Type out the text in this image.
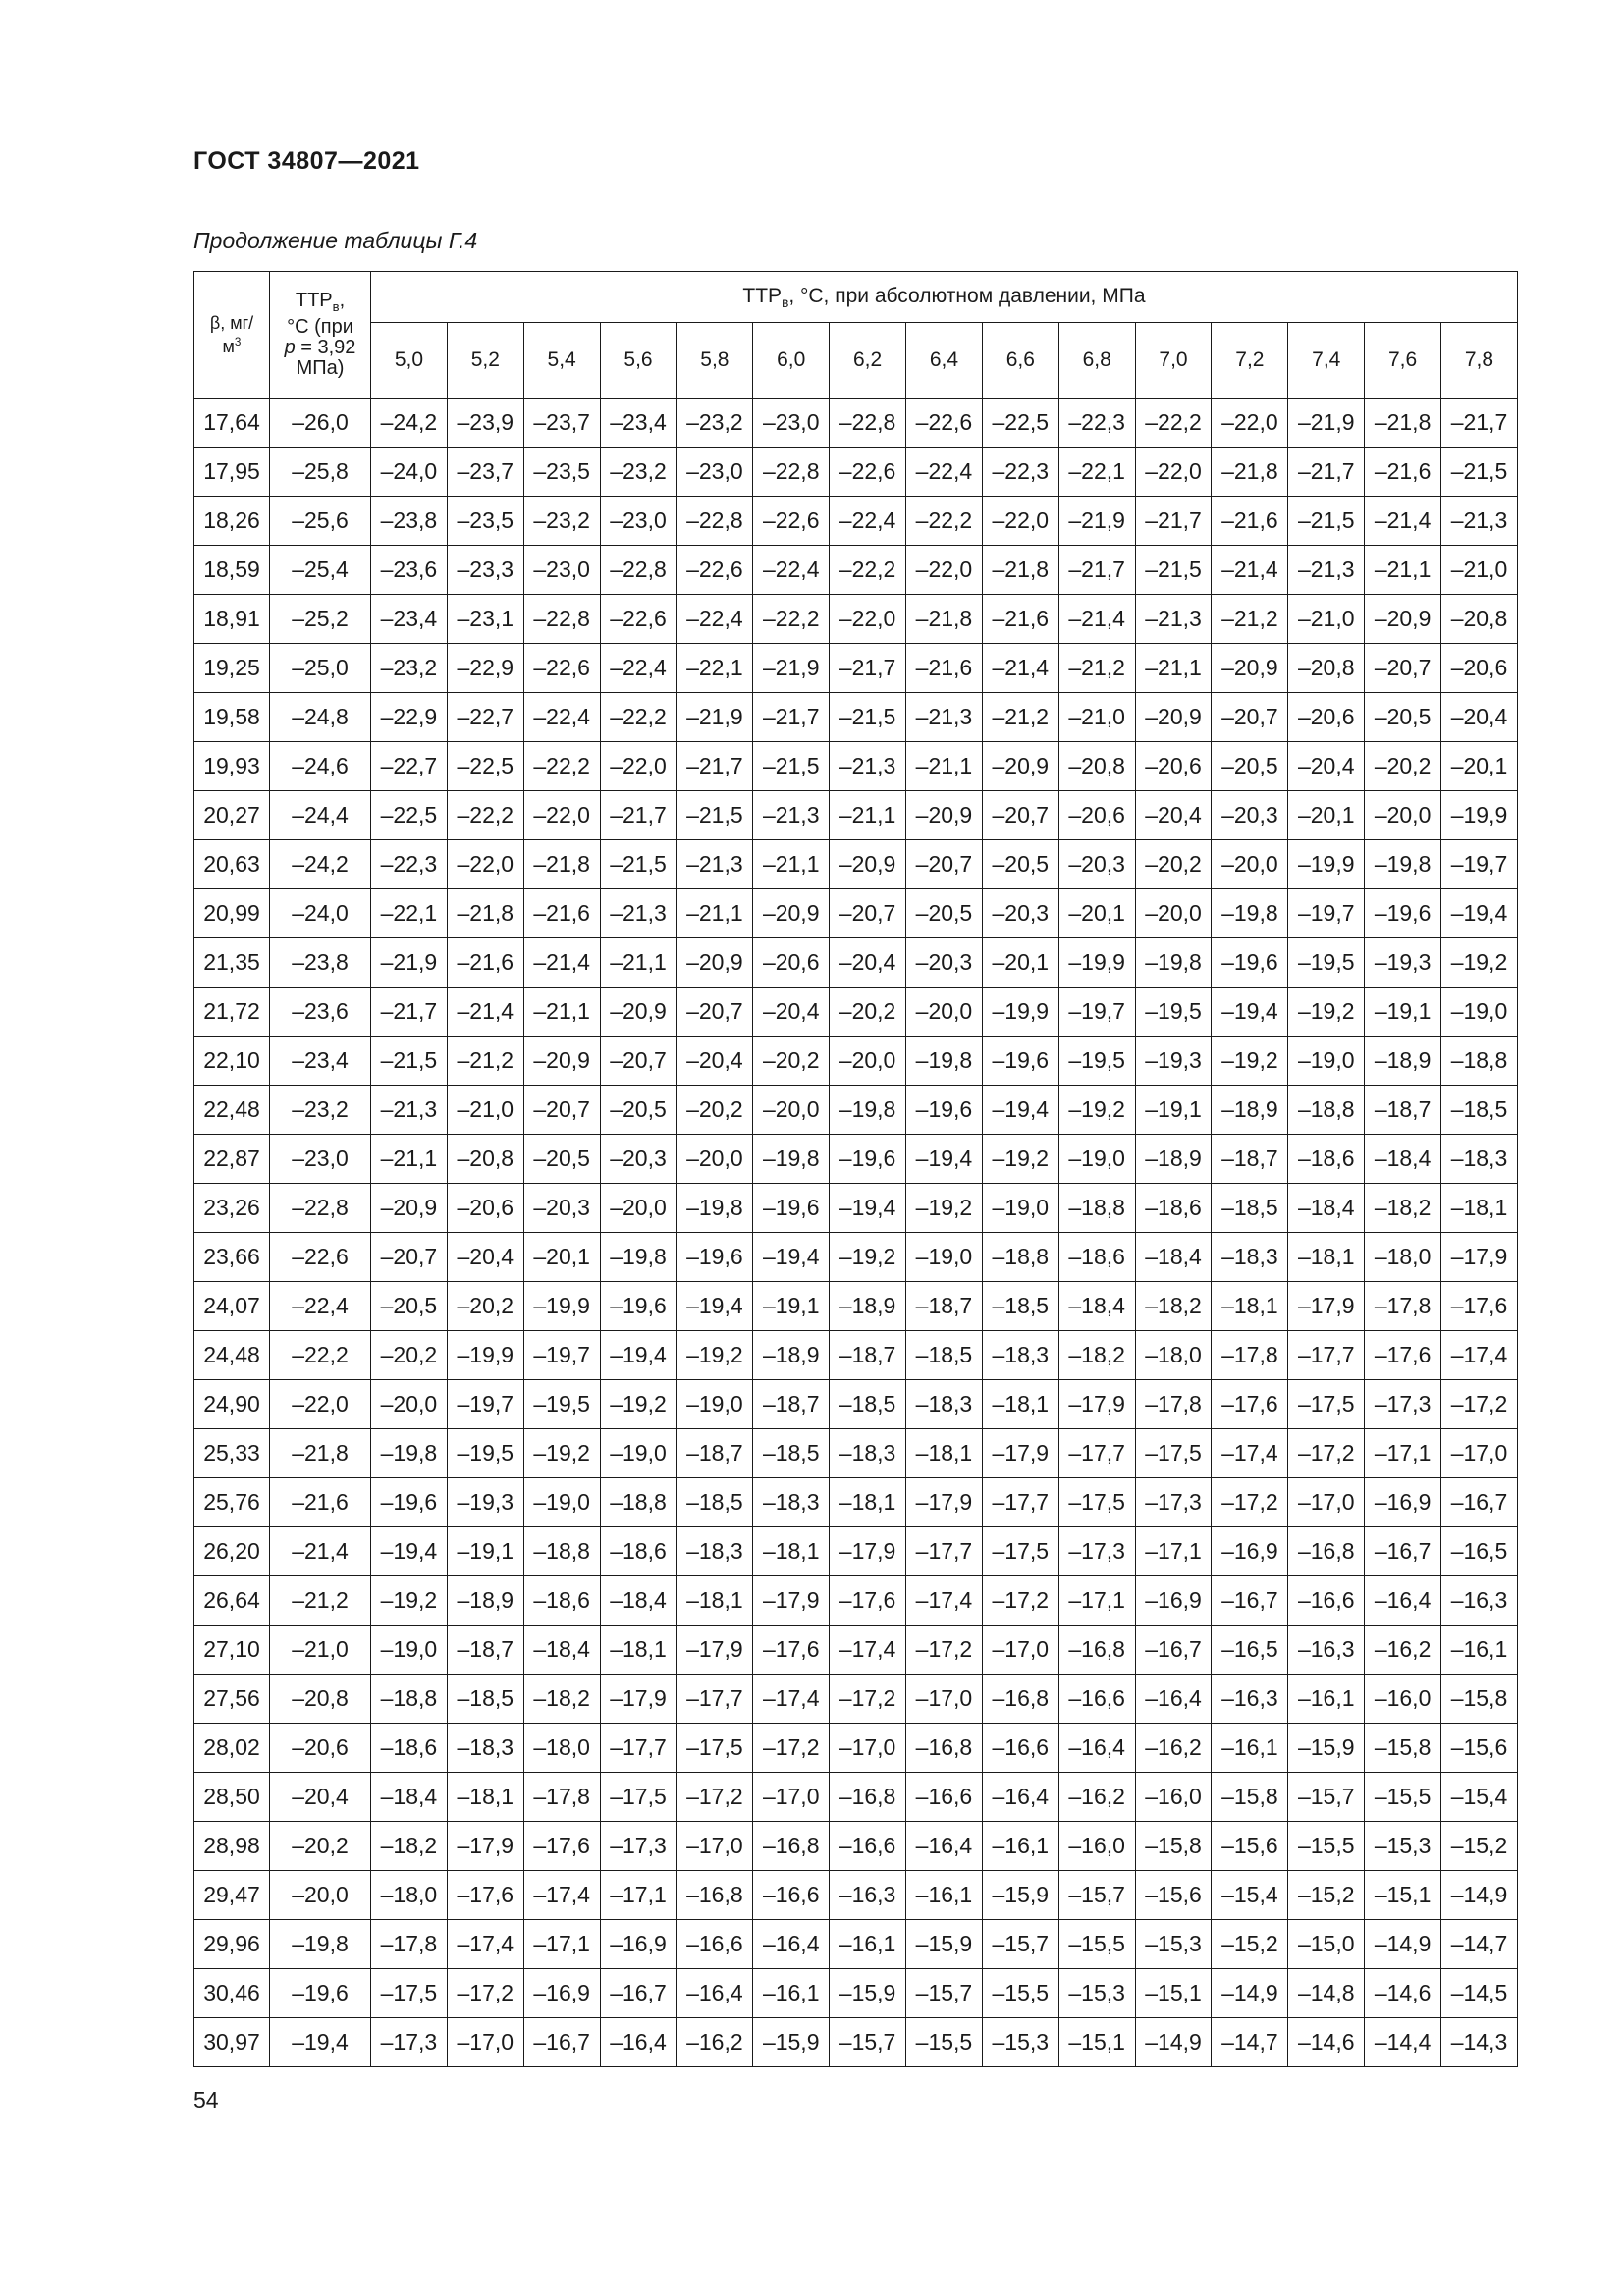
ГОСТ 34807—2021
Продолжение таблицы Г.4
β, мг/
$м^3$	$ТТР_в$,
°С (при
p = 3,92
МПа)	$ТТР_в$, °С, при абсолютном давлении, МПа														
		5,0	5,2	5,4	5,6	5,8	6,0	6,2	6,4	6,6	6,8	7,0	7,2	7,4	7,6	7,8
17,64	–26,0	–24,2	–23,9	–23,7	–23,4	–23,2	–23,0	–22,8	–22,6	–22,5	–22,3	–22,2	–22,0	–21,9	–21,8	–21,7
17,95	–25,8	–24,0	–23,7	–23,5	–23,2	–23,0	–22,8	–22,6	–22,4	–22,3	–22,1	–22,0	–21,8	–21,7	–21,6	–21,5
18,26	–25,6	–23,8	–23,5	–23,2	–23,0	–22,8	–22,6	–22,4	–22,2	–22,0	–21,9	–21,7	–21,6	–21,5	–21,4	–21,3
18,59	–25,4	–23,6	–23,3	–23,0	–22,8	–22,6	–22,4	–22,2	–22,0	–21,8	–21,7	–21,5	–21,4	–21,3	–21,1	–21,0
18,91	–25,2	–23,4	–23,1	–22,8	–22,6	–22,4	–22,2	–22,0	–21,8	–21,6	–21,4	–21,3	–21,2	–21,0	–20,9	–20,8
19,25	–25,0	–23,2	–22,9	–22,6	–22,4	–22,1	–21,9	–21,7	–21,6	–21,4	–21,2	–21,1	–20,9	–20,8	–20,7	–20,6
19,58	–24,8	–22,9	–22,7	–22,4	–22,2	–21,9	–21,7	–21,5	–21,3	–21,2	–21,0	–20,9	–20,7	–20,6	–20,5	–20,4
19,93	–24,6	–22,7	–22,5	–22,2	–22,0	–21,7	–21,5	–21,3	–21,1	–20,9	–20,8	–20,6	–20,5	–20,4	–20,2	–20,1
20,27	–24,4	–22,5	–22,2	–22,0	–21,7	–21,5	–21,3	–21,1	–20,9	–20,7	–20,6	–20,4	–20,3	–20,1	–20,0	–19,9
20,63	–24,2	–22,3	–22,0	–21,8	–21,5	–21,3	–21,1	–20,9	–20,7	–20,5	–20,3	–20,2	–20,0	–19,9	–19,8	–19,7
20,99	–24,0	–22,1	–21,8	–21,6	–21,3	–21,1	–20,9	–20,7	–20,5	–20,3	–20,1	–20,0	–19,8	–19,7	–19,6	–19,4
21,35	–23,8	–21,9	–21,6	–21,4	–21,1	–20,9	–20,6	–20,4	–20,3	–20,1	–19,9	–19,8	–19,6	–19,5	–19,3	–19,2
21,72	–23,6	–21,7	–21,4	–21,1	–20,9	–20,7	–20,4	–20,2	–20,0	–19,9	–19,7	–19,5	–19,4	–19,2	–19,1	–19,0
22,10	–23,4	–21,5	–21,2	–20,9	–20,7	–20,4	–20,2	–20,0	–19,8	–19,6	–19,5	–19,3	–19,2	–19,0	–18,9	–18,8
22,48	–23,2	–21,3	–21,0	–20,7	–20,5	–20,2	–20,0	–19,8	–19,6	–19,4	–19,2	–19,1	–18,9	–18,8	–18,7	–18,5
22,87	–23,0	–21,1	–20,8	–20,5	–20,3	–20,0	–19,8	–19,6	–19,4	–19,2	–19,0	–18,9	–18,7	–18,6	–18,4	–18,3
23,26	–22,8	–20,9	–20,6	–20,3	–20,0	–19,8	–19,6	–19,4	–19,2	–19,0	–18,8	–18,6	–18,5	–18,4	–18,2	–18,1
23,66	–22,6	–20,7	–20,4	–20,1	–19,8	–19,6	–19,4	–19,2	–19,0	–18,8	–18,6	–18,4	–18,3	–18,1	–18,0	–17,9
24,07	–22,4	–20,5	–20,2	–19,9	–19,6	–19,4	–19,1	–18,9	–18,7	–18,5	–18,4	–18,2	–18,1	–17,9	–17,8	–17,6
24,48	–22,2	–20,2	–19,9	–19,7	–19,4	–19,2	–18,9	–18,7	–18,5	–18,3	–18,2	–18,0	–17,8	–17,7	–17,6	–17,4
24,90	–22,0	–20,0	–19,7	–19,5	–19,2	–19,0	–18,7	–18,5	–18,3	–18,1	–17,9	–17,8	–17,6	–17,5	–17,3	–17,2
25,33	–21,8	–19,8	–19,5	–19,2	–19,0	–18,7	–18,5	–18,3	–18,1	–17,9	–17,7	–17,5	–17,4	–17,2	–17,1	–17,0
25,76	–21,6	–19,6	–19,3	–19,0	–18,8	–18,5	–18,3	–18,1	–17,9	–17,7	–17,5	–17,3	–17,2	–17,0	–16,9	–16,7
26,20	–21,4	–19,4	–19,1	–18,8	–18,6	–18,3	–18,1	–17,9	–17,7	–17,5	–17,3	–17,1	–16,9	–16,8	–16,7	–16,5
26,64	–21,2	–19,2	–18,9	–18,6	–18,4	–18,1	–17,9	–17,6	–17,4	–17,2	–17,1	–16,9	–16,7	–16,6	–16,4	–16,3
27,10	–21,0	–19,0	–18,7	–18,4	–18,1	–17,9	–17,6	–17,4	–17,2	–17,0	–16,8	–16,7	–16,5	–16,3	–16,2	–16,1
27,56	–20,8	–18,8	–18,5	–18,2	–17,9	–17,7	–17,4	–17,2	–17,0	–16,8	–16,6	–16,4	–16,3	–16,1	–16,0	–15,8
28,02	–20,6	–18,6	–18,3	–18,0	–17,7	–17,5	–17,2	–17,0	–16,8	–16,6	–16,4	–16,2	–16,1	–15,9	–15,8	–15,6
28,50	–20,4	–18,4	–18,1	–17,8	–17,5	–17,2	–17,0	–16,8	–16,6	–16,4	–16,2	–16,0	–15,8	–15,7	–15,5	–15,4
28,98	–20,2	–18,2	–17,9	–17,6	–17,3	–17,0	–16,8	–16,6	–16,4	–16,1	–16,0	–15,8	–15,6	–15,5	–15,3	–15,2
29,47	–20,0	–18,0	–17,6	–17,4	–17,1	–16,8	–16,6	–16,3	–16,1	–15,9	–15,7	–15,6	–15,4	–15,2	–15,1	–14,9
29,96	–19,8	–17,8	–17,4	–17,1	–16,9	–16,6	–16,4	–16,1	–15,9	–15,7	–15,5	–15,3	–15,2	–15,0	–14,9	–14,7
30,46	–19,6	–17,5	–17,2	–16,9	–16,7	–16,4	–16,1	–15,9	–15,7	–15,5	–15,3	–15,1	–14,9	–14,8	–14,6	–14,5
30,97	–19,4	–17,3	–17,0	–16,7	–16,4	–16,2	–15,9	–15,7	–15,5	–15,3	–15,1	–14,9	–14,7	–14,6	–14,4	–14,3
54
